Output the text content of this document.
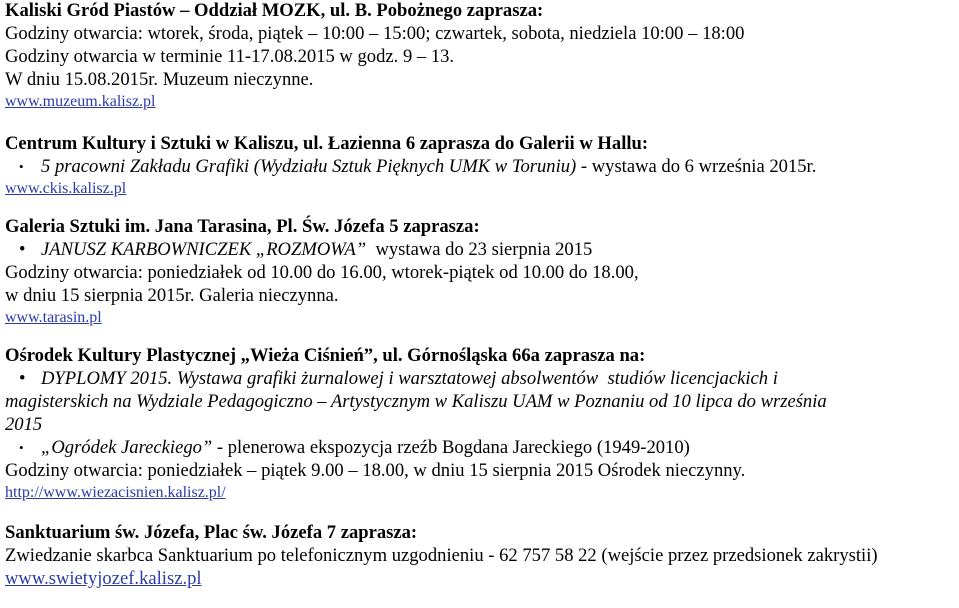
Kaliski Gród Piastów – Oddział MOZK, ul. B. Pobożnego zaprasza:
Godziny otwarcia: wtorek, środa, piątek – 10:00 – 15:00; czwartek, sobota, niedziela 10:00 – 18:00
Godziny otwarcia w terminie 11-17.08.2015 w godz. 9 – 13.
W dniu 15.08.2015r. Muzeum nieczynne.
www.muzeum.kalisz.pl
Centrum Kultury i Sztuki w Kaliszu, ul. Łazienna 6 zaprasza do Galerii w Hallu:
• 5 pracowni Zakładu Grafiki (Wydziału Sztuk Pięknych UMK w Toruniu) - wystawa do 6 września 2015r.
www.ckis.kalisz.pl
Galeria Sztuki im. Jana Tarasina, Pl. Św. Józefa 5 zaprasza:
• JANUSZ KARBOWNICZEK „ROZMOWA”  wystawa do 23 sierpnia 2015
Godziny otwarcia: poniedziałek od 10.00 do 16.00, wtorek-piątek od 10.00 do 18.00,
w dniu 15 sierpnia 2015r. Galeria nieczynna.
www.tarasin.pl
Ośrodek Kultury Plastycznej „Wieża Ciśnień”, ul. Górnośląska 66a zaprasza na:
• DYPLOMY 2015. Wystawa grafiki żurnalowej i warsztatowej absolwentów  studiów licencjackich i
magisterskich na Wydziale Pedagogiczno – Artystycznym w Kaliszu UAM w Poznaniu od 10 lipca do września
2015
• „Ogródek Jareckiego” - plenerowa ekspozycja rzeźb Bogdana Jareckiego (1949-2010)
Godziny otwarcia: poniedziałek – piątek 9.00 – 18.00, w dniu 15 sierpnia 2015 Ośrodek nieczynny.
http://www.wiezacisnien.kalisz.pl/
Sanktuarium św. Józefa, Plac św. Józefa 7 zaprasza:
Zwiedzanie skarbca Sanktuarium po telefonicznym uzgodnieniu - 62 757 58 22 (wejście przez przedsionek zakrystii)
www.swietyjozef.kalisz.pl
